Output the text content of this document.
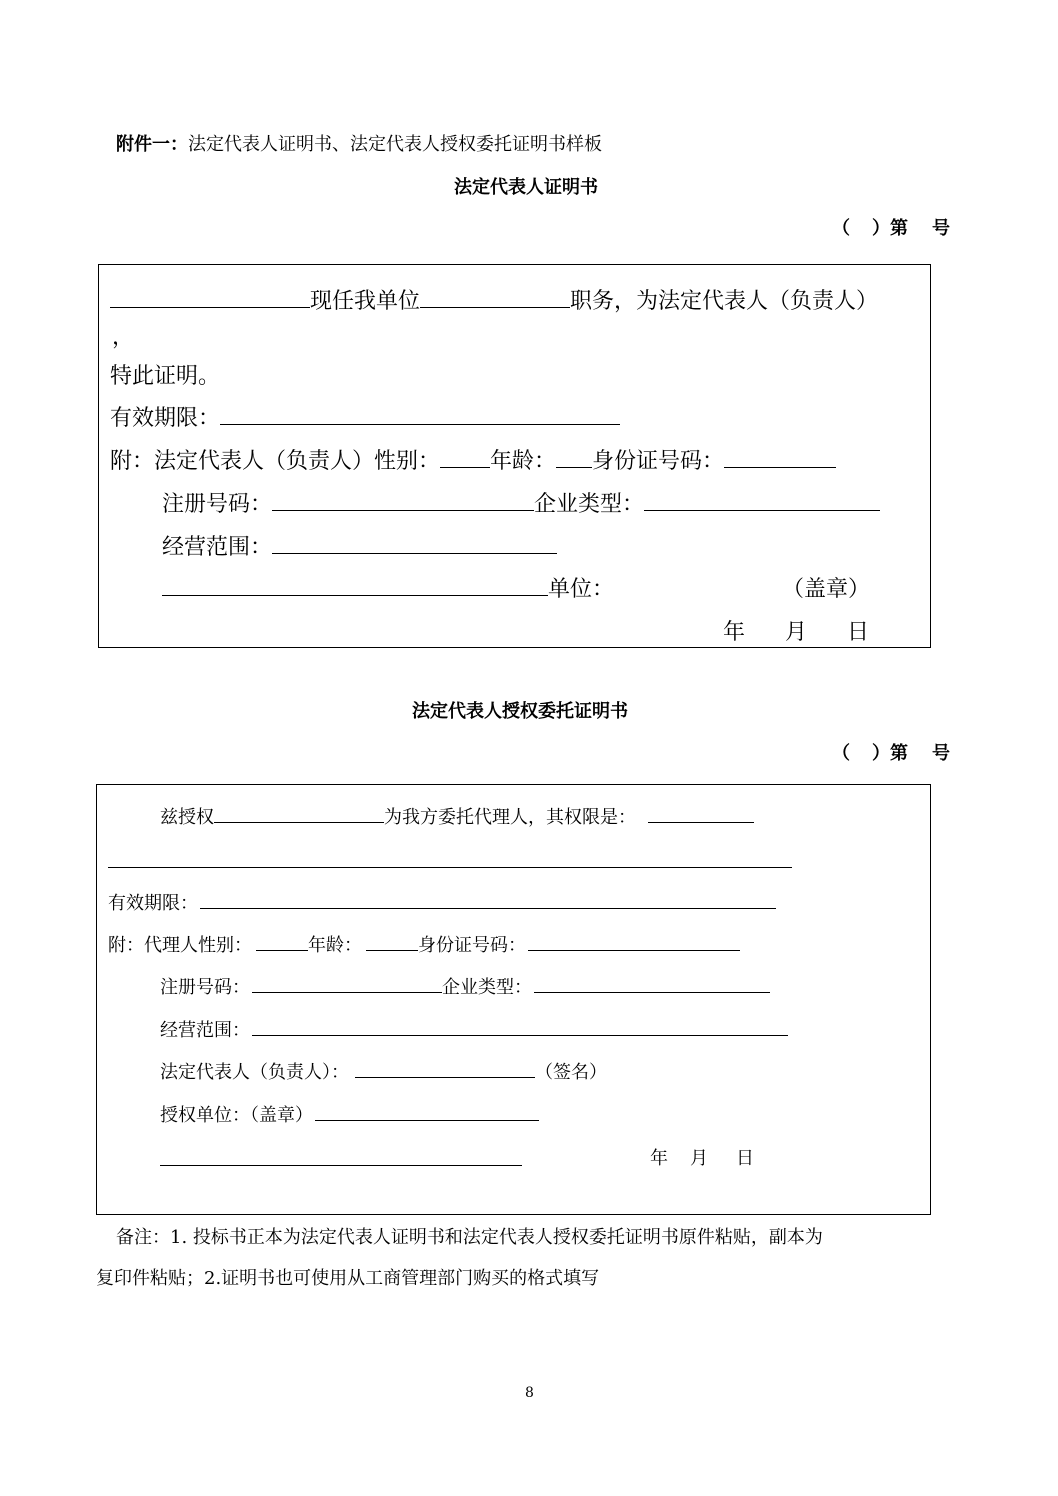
附件一：法定代表人证明书、法定代表人授权委托证明书样板
法定代表人证明书
（ ）第 号
现任我单位	职务，为法定代表人（负责人）
，
特此证明。
有效期限：
附：法定代表人（负责人）性别： 年龄： 身份证号码：
注册号码：	企业类型：
经营范围：
单位：	（盖章）
年 月 日
法定代表人授权委托证明书
（ ）第 号
兹授权	为我方委托代理人，其权限是：
有效期限：
附：代理人性别：	年龄：	身份证号码：
注册号码：	企业类型：
经营范围：
法定代表人（负责人）：	（签名）
授权单位：（盖章）
年 月 日
备注：1. 投标书正本为法定代表人证明书和法定代表人授权委托证明书原件粘贴，副本为
复印件粘贴；2.证明书也可使用从工商管理部门购买的格式填写
8
